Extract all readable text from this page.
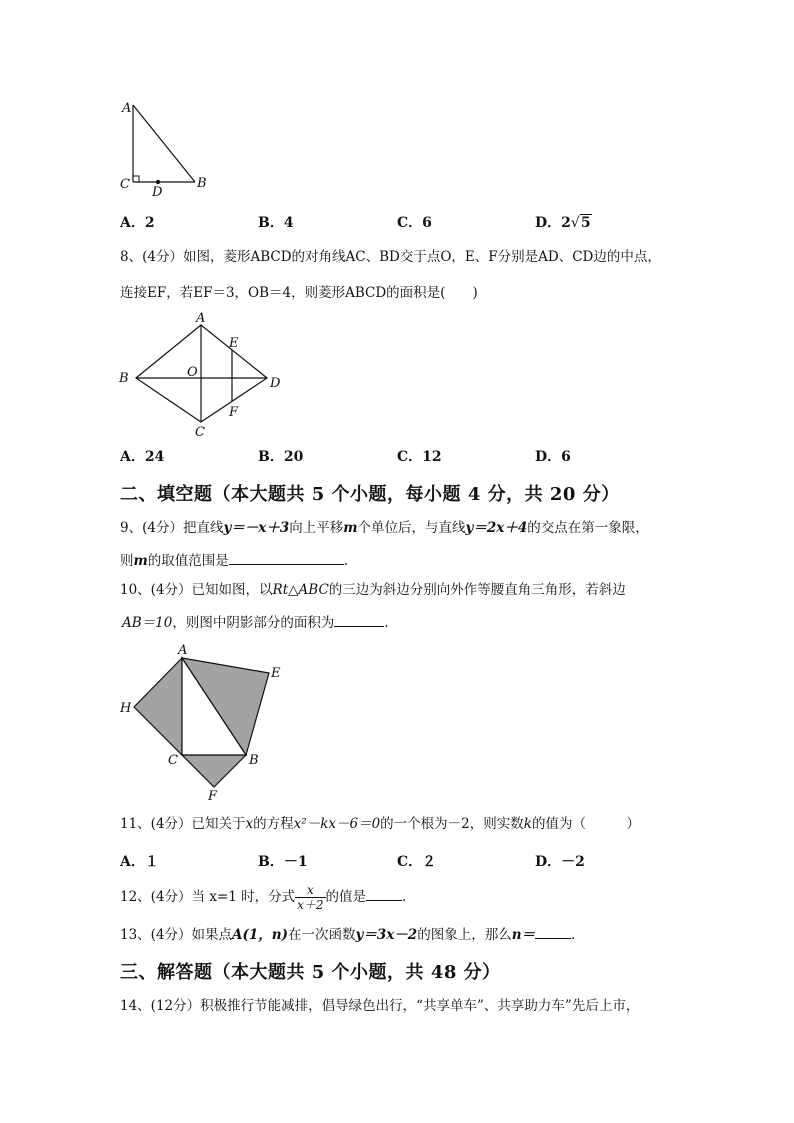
A
C
D
B
A．2	B．4	C．6	D．2√5
8、(4分）如图，菱形ABCD的对角线AC、BD交于点O，E、F分别是AD、CD边的中点，
连接EF，若EF＝3，OB＝4，则菱形ABCD的面积是(　　)
A
B
C
D
E
F
O
A．24	B．20	C．12	D．6
二、填空题（本大题共 5 个小题，每小题 4 分，共 20 分）
9、(4分）把直线y＝－x＋3向上平移m个单位后，与直线y＝2x＋4的交点在第一象限，
则m的取值范围是	.
10、(4分）已知如图，以Rt△ABC的三边为斜边分别向外作等腰直角三角形，若斜边
AB＝10，则图中阴影部分的面积为	．
A
E
H
C	B
F
11、(4分）已知关于x的方程x²－kx－6＝0的一个根为－2，则实数k的值为（　　　）
A．１	B．－1	C．２	D．－2
12、(4分）当 x=1 时，分式 $\frac{x}{x+2}$ 的值是	.
13、(4分）如果点A(1，n)在一次函数y＝3x－2的图象上，那么n＝	.
三、解答题（本大题共 5 个小题，共 48 分）
14、(12分）积极推行节能减排，倡导绿色出行，“共享单车”、共享助力车”先后上市，
